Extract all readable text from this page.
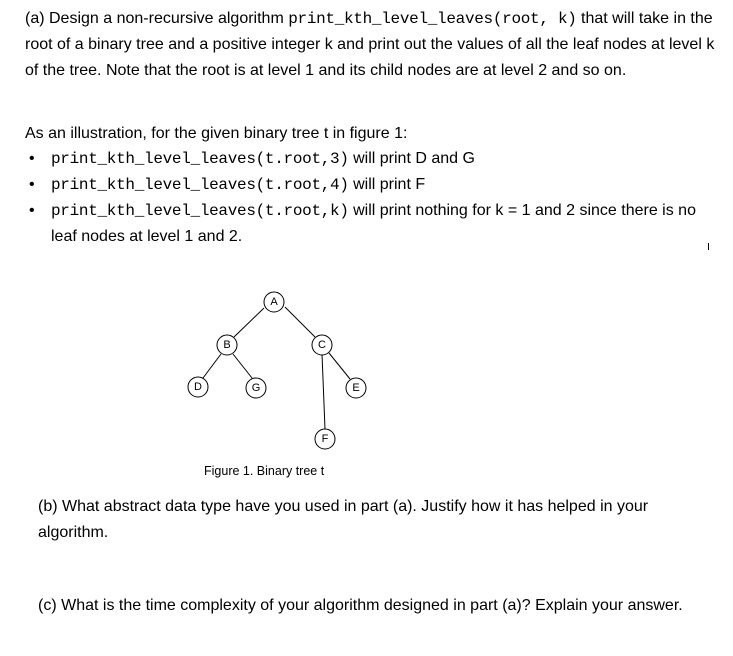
(a) Design a non-recursive algorithm print_kth_level_leaves(root, k) that will take in the root of a binary tree and a positive integer k and print out the values of all the leaf nodes at level k of the tree. Note that the root is at level 1 and its child nodes are at level 2 and so on.

As an illustration, for the given binary tree t in figure 1:

• print_kth_level_leaves(t.root,3) will print D and G
• print_kth_level_leaves(t.root,4) will print F
• print_kth_level_leaves(t.root,k) will print nothing for k = 1 and 2 since there is no leaf nodes at level 1 and 2.
A
B	C
D	G	E
F
Figure 1. Binary tree t

(b) What abstract data type have you used in part (a). Justify how it has helped in your algorithm.

(c) What is the time complexity of your algorithm designed in part (a)? Explain your answer.
